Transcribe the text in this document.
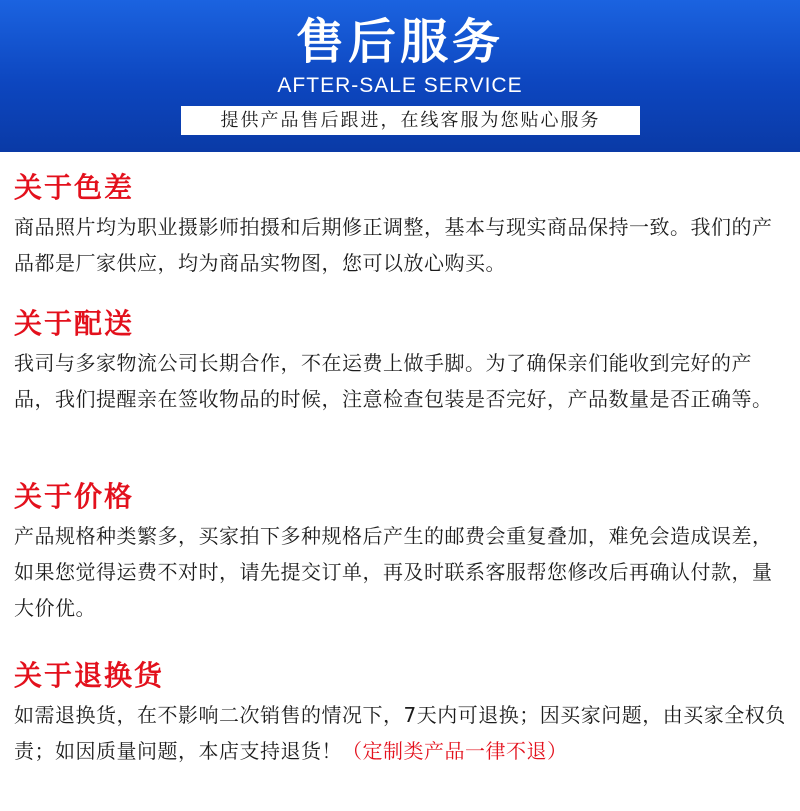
售后服务
AFTER-SALE SERVICE
提供产品售后跟进，在线客服为您贴心服务
关于色差

商品照片均为职业摄影师拍摄和后期修正调整，基本与现实商品保持一致。我们的产品都是厂家供应，均为商品实物图，您可以放心购买。

关于配送

我司与多家物流公司长期合作，不在运费上做手脚。为了确保亲们能收到完好的产品，我们提醒亲在签收物品的时候，注意检查包装是否完好，产品数量是否正确等。

关于价格

产品规格种类繁多，买家拍下多种规格后产生的邮费会重复叠加，难免会造成误差，如果您觉得运费不对时，请先提交订单，再及时联系客服帮您修改后再确认付款，量大价优。

关于退换货

如需退换货，在不影响二次销售的情况下，7天内可退换；因买家问题，由买家全权负责；如因质量问题，本店支持退货！（定制类产品一律不退）
